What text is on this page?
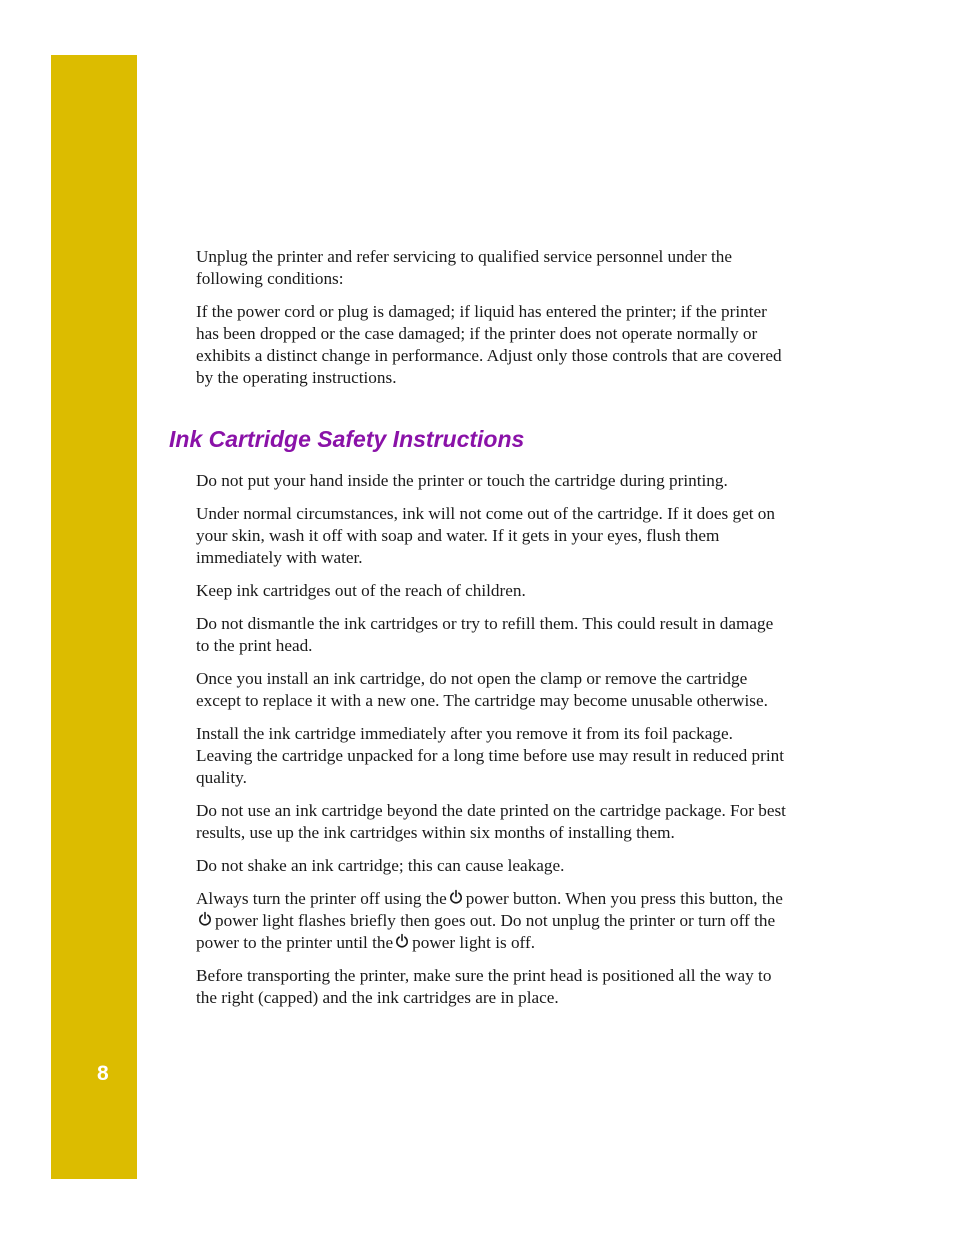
8

Unplug the printer and refer servicing to qualified service personnel under the following conditions:

If the power cord or plug is damaged; if liquid has entered the printer; if the printer has been dropped or the case damaged; if the printer does not operate normally or exhibits a distinct change in performance. Adjust only those controls that are covered by the operating instructions.

Ink Cartridge Safety Instructions

Do not put your hand inside the printer or touch the cartridge during printing.

Under normal circumstances, ink will not come out of the cartridge. If it does get on your skin, wash it off with soap and water. If it gets in your eyes, flush them immediately with water.

Keep ink cartridges out of the reach of children.

Do not dismantle the ink cartridges or try to refill them. This could result in damage to the print head.

Once you install an ink cartridge, do not open the clamp or remove the cartridge except to replace it with a new one. The cartridge may become unusable otherwise.

Install the ink cartridge immediately after you remove it from its foil package. Leaving the cartridge unpacked for a long time before use may result in reduced print quality.

Do not use an ink cartridge beyond the date printed on the cartridge package. For best results, use up the ink cartridges within six months of installing them.

Do not shake an ink cartridge; this can cause leakage.

Always turn the printer off using the power button. When you press this button, the
power light flashes briefly then goes out. Do not unplug the printer or turn off the power to the printer until the power light is off.

Before transporting the printer, make sure the print head is positioned all the way to the right (capped) and the ink cartridges are in place.
